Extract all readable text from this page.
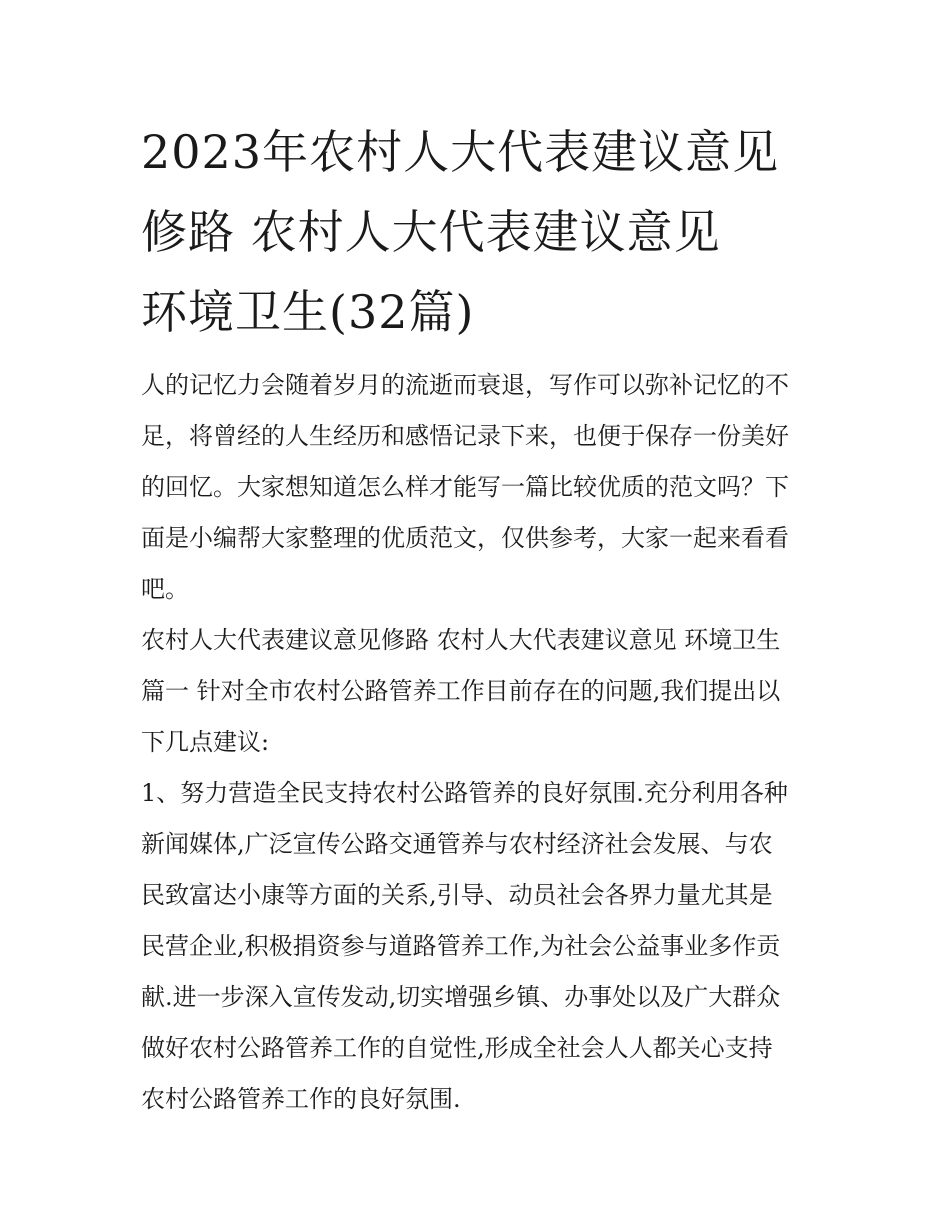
2023年农村人大代表建议意见
修路 农村人大代表建议意见
环境卫生(32篇)

人的记忆力会随着岁月的流逝而衰退，写作可以弥补记忆的不
足，将曾经的人生经历和感悟记录下来，也便于保存一份美好
的回忆。大家想知道怎么样才能写一篇比较优质的范文吗？下
面是小编帮大家整理的优质范文，仅供参考，大家一起来看看
吧。

农村人大代表建议意见修路 农村人大代表建议意见 环境卫生
篇一 针对全市农村公路管养工作目前存在的问题,我们提出以
下几点建议:

1、努力营造全民支持农村公路管养的良好氛围.充分利用各种
新闻媒体,广泛宣传公路交通管养与农村经济社会发展、与农
民致富达小康等方面的关系,引导、动员社会各界力量尤其是
民营企业,积极捐资参与道路管养工作,为社会公益事业多作贡
献.进一步深入宣传发动,切实增强乡镇、办事处以及广大群众
做好农村公路管养工作的自觉性,形成全社会人人都关心支持
农村公路管养工作的良好氛围.
